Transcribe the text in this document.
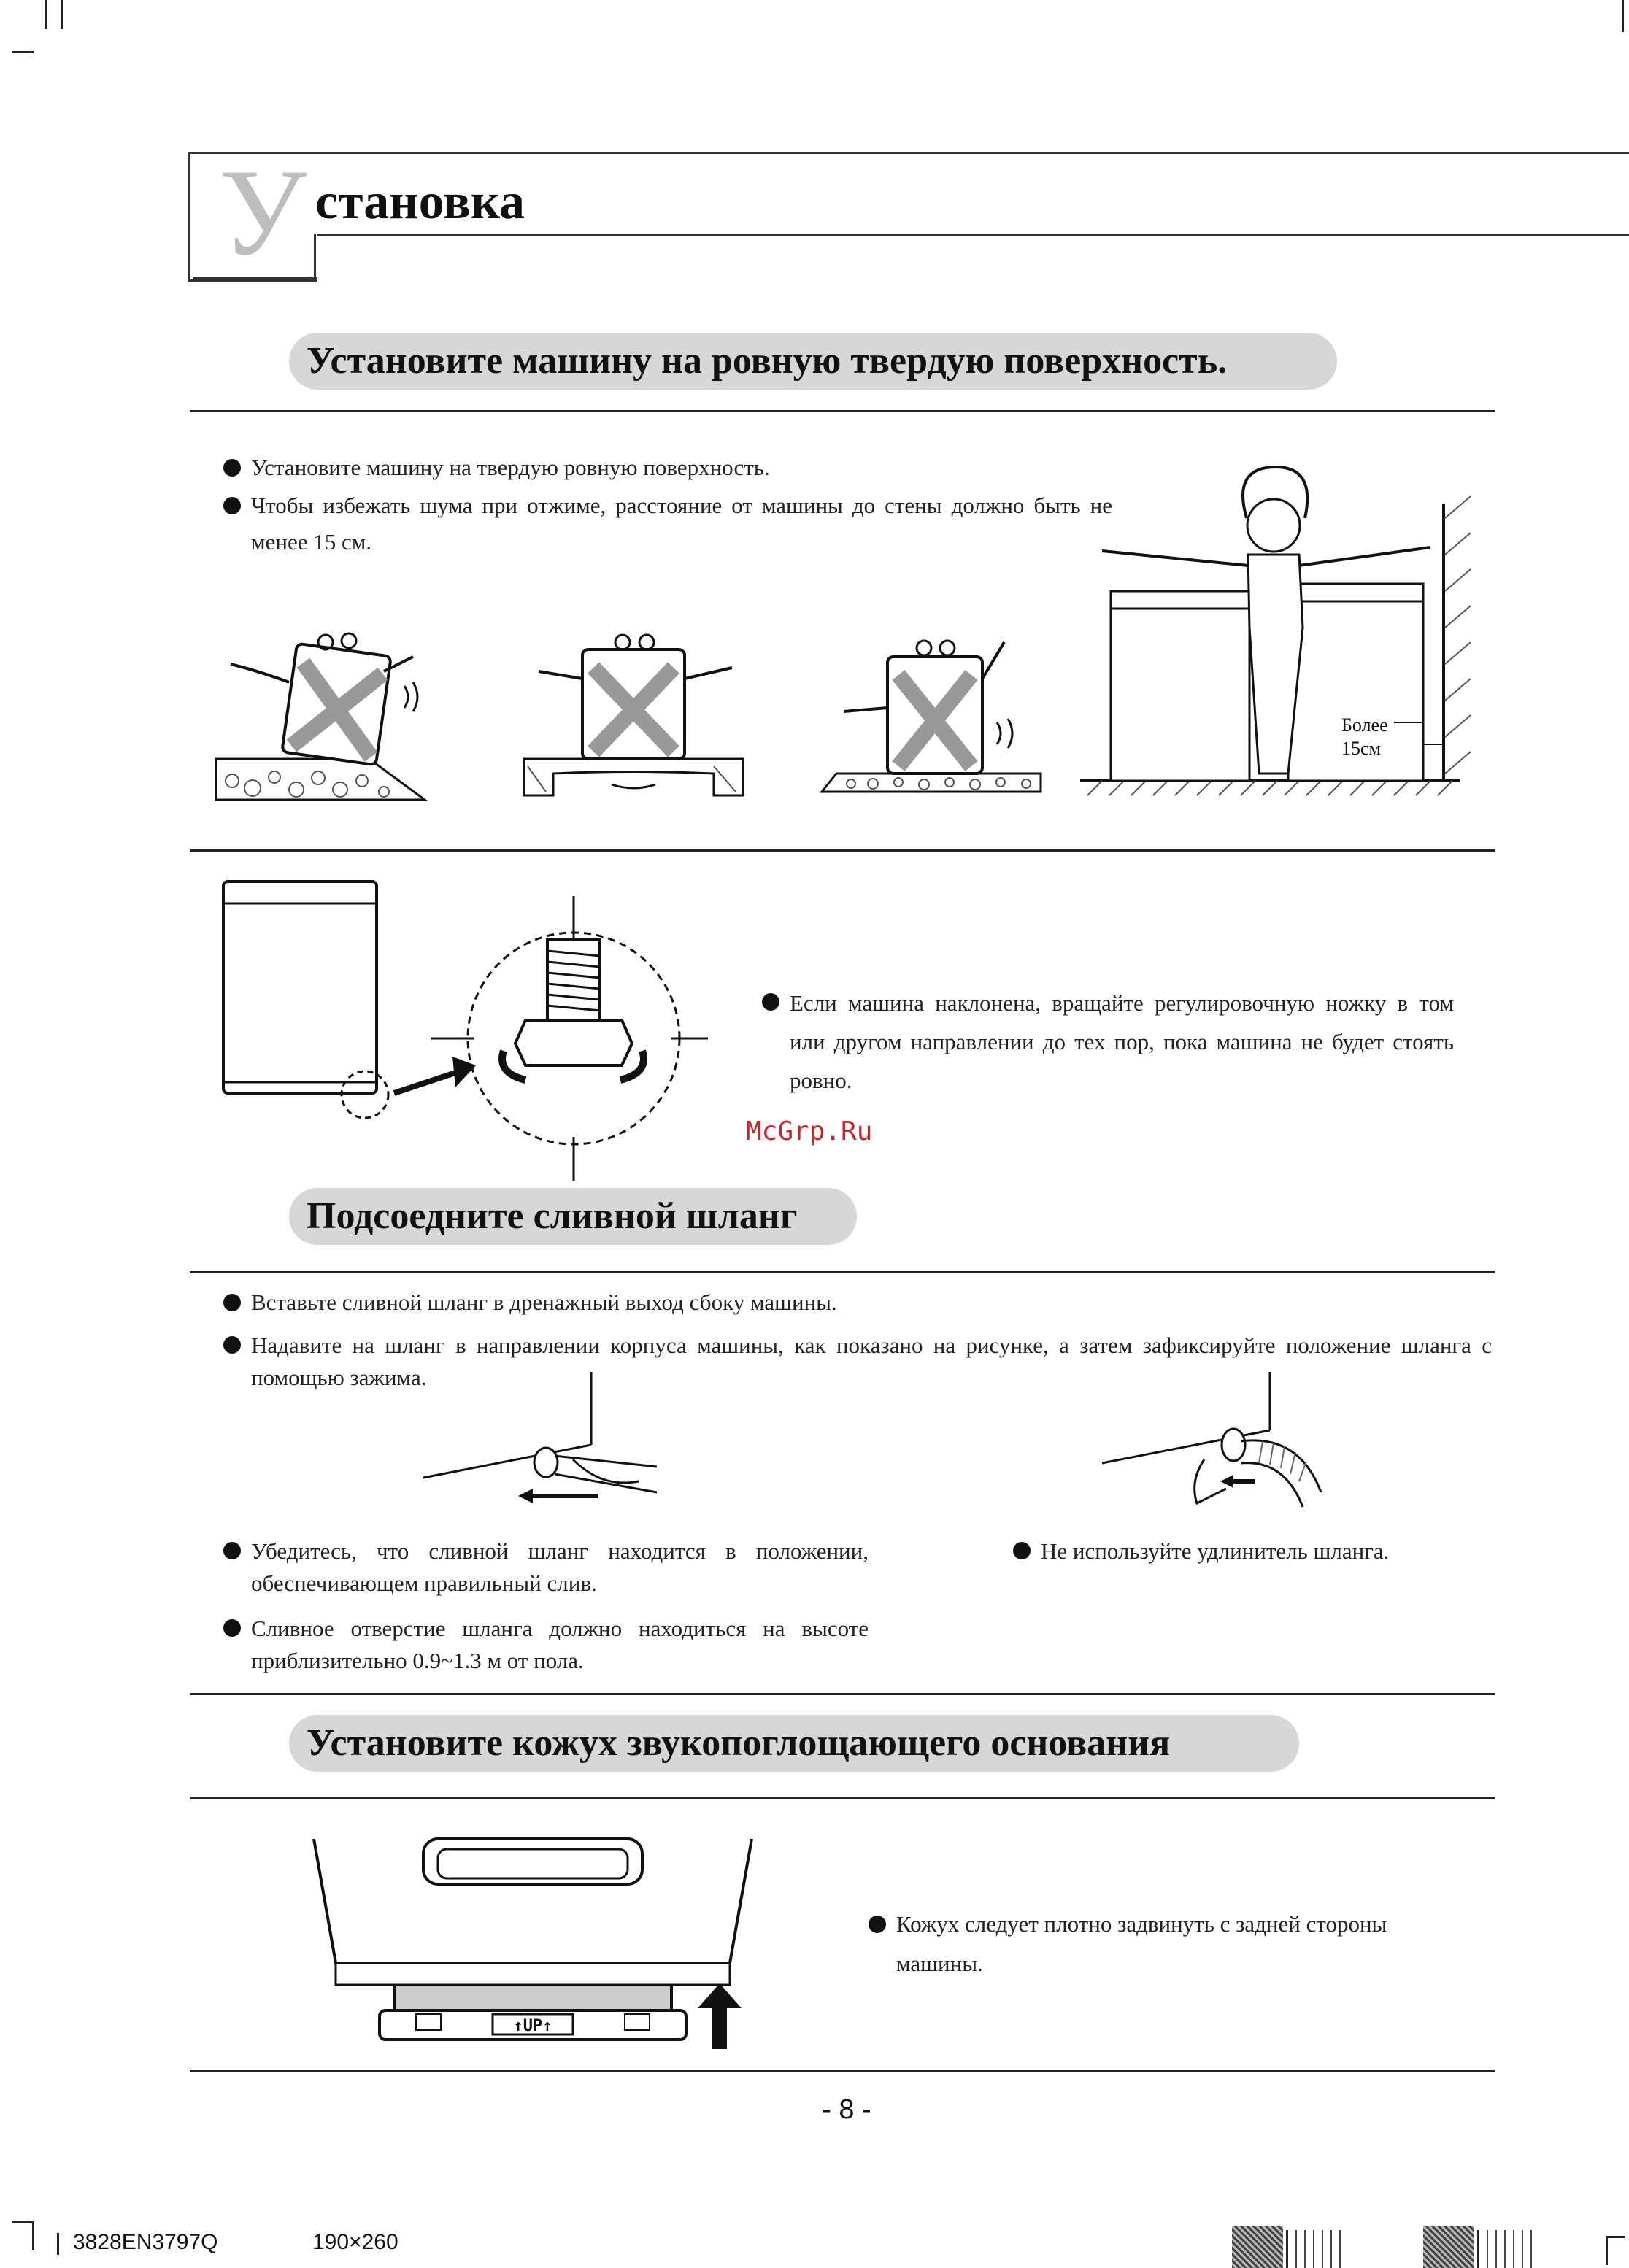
У становка
Установите машину на ровную твердую поверхность.
Установите машину на твердую ровную поверхность.
Чтобы избежать шума при отжиме, расстояние от машины до стены должно быть не менее 15 см.
Более
15см
Если машина наклонена, вращайте регулировочную ножку в том или другом направлении до тех пор, пока машина не будет стоять ровно.
McGrp.Ru
Подсоедните сливной шланг
Вставьте сливной шланг в дренажный выход сбоку машины.
Надавите на шланг в направлении корпуса машины, как показано на рисунке, а затем зафиксируйте положение шланга с помощью зажима.
Убедитесь, что сливной шланг находится в положении, обеспечивающем правильный слив.
Сливное отверстие шланга должно находиться на высоте приблизительно 0.9~1.3 м от пола.
Не используйте удлинитель шланга.
Установите кожух звукопоглощающего основания
↑UP↑
Кожух следует плотно задвинуть с задней стороны машины.
- 8 -
3828EN3797Q	190×260
